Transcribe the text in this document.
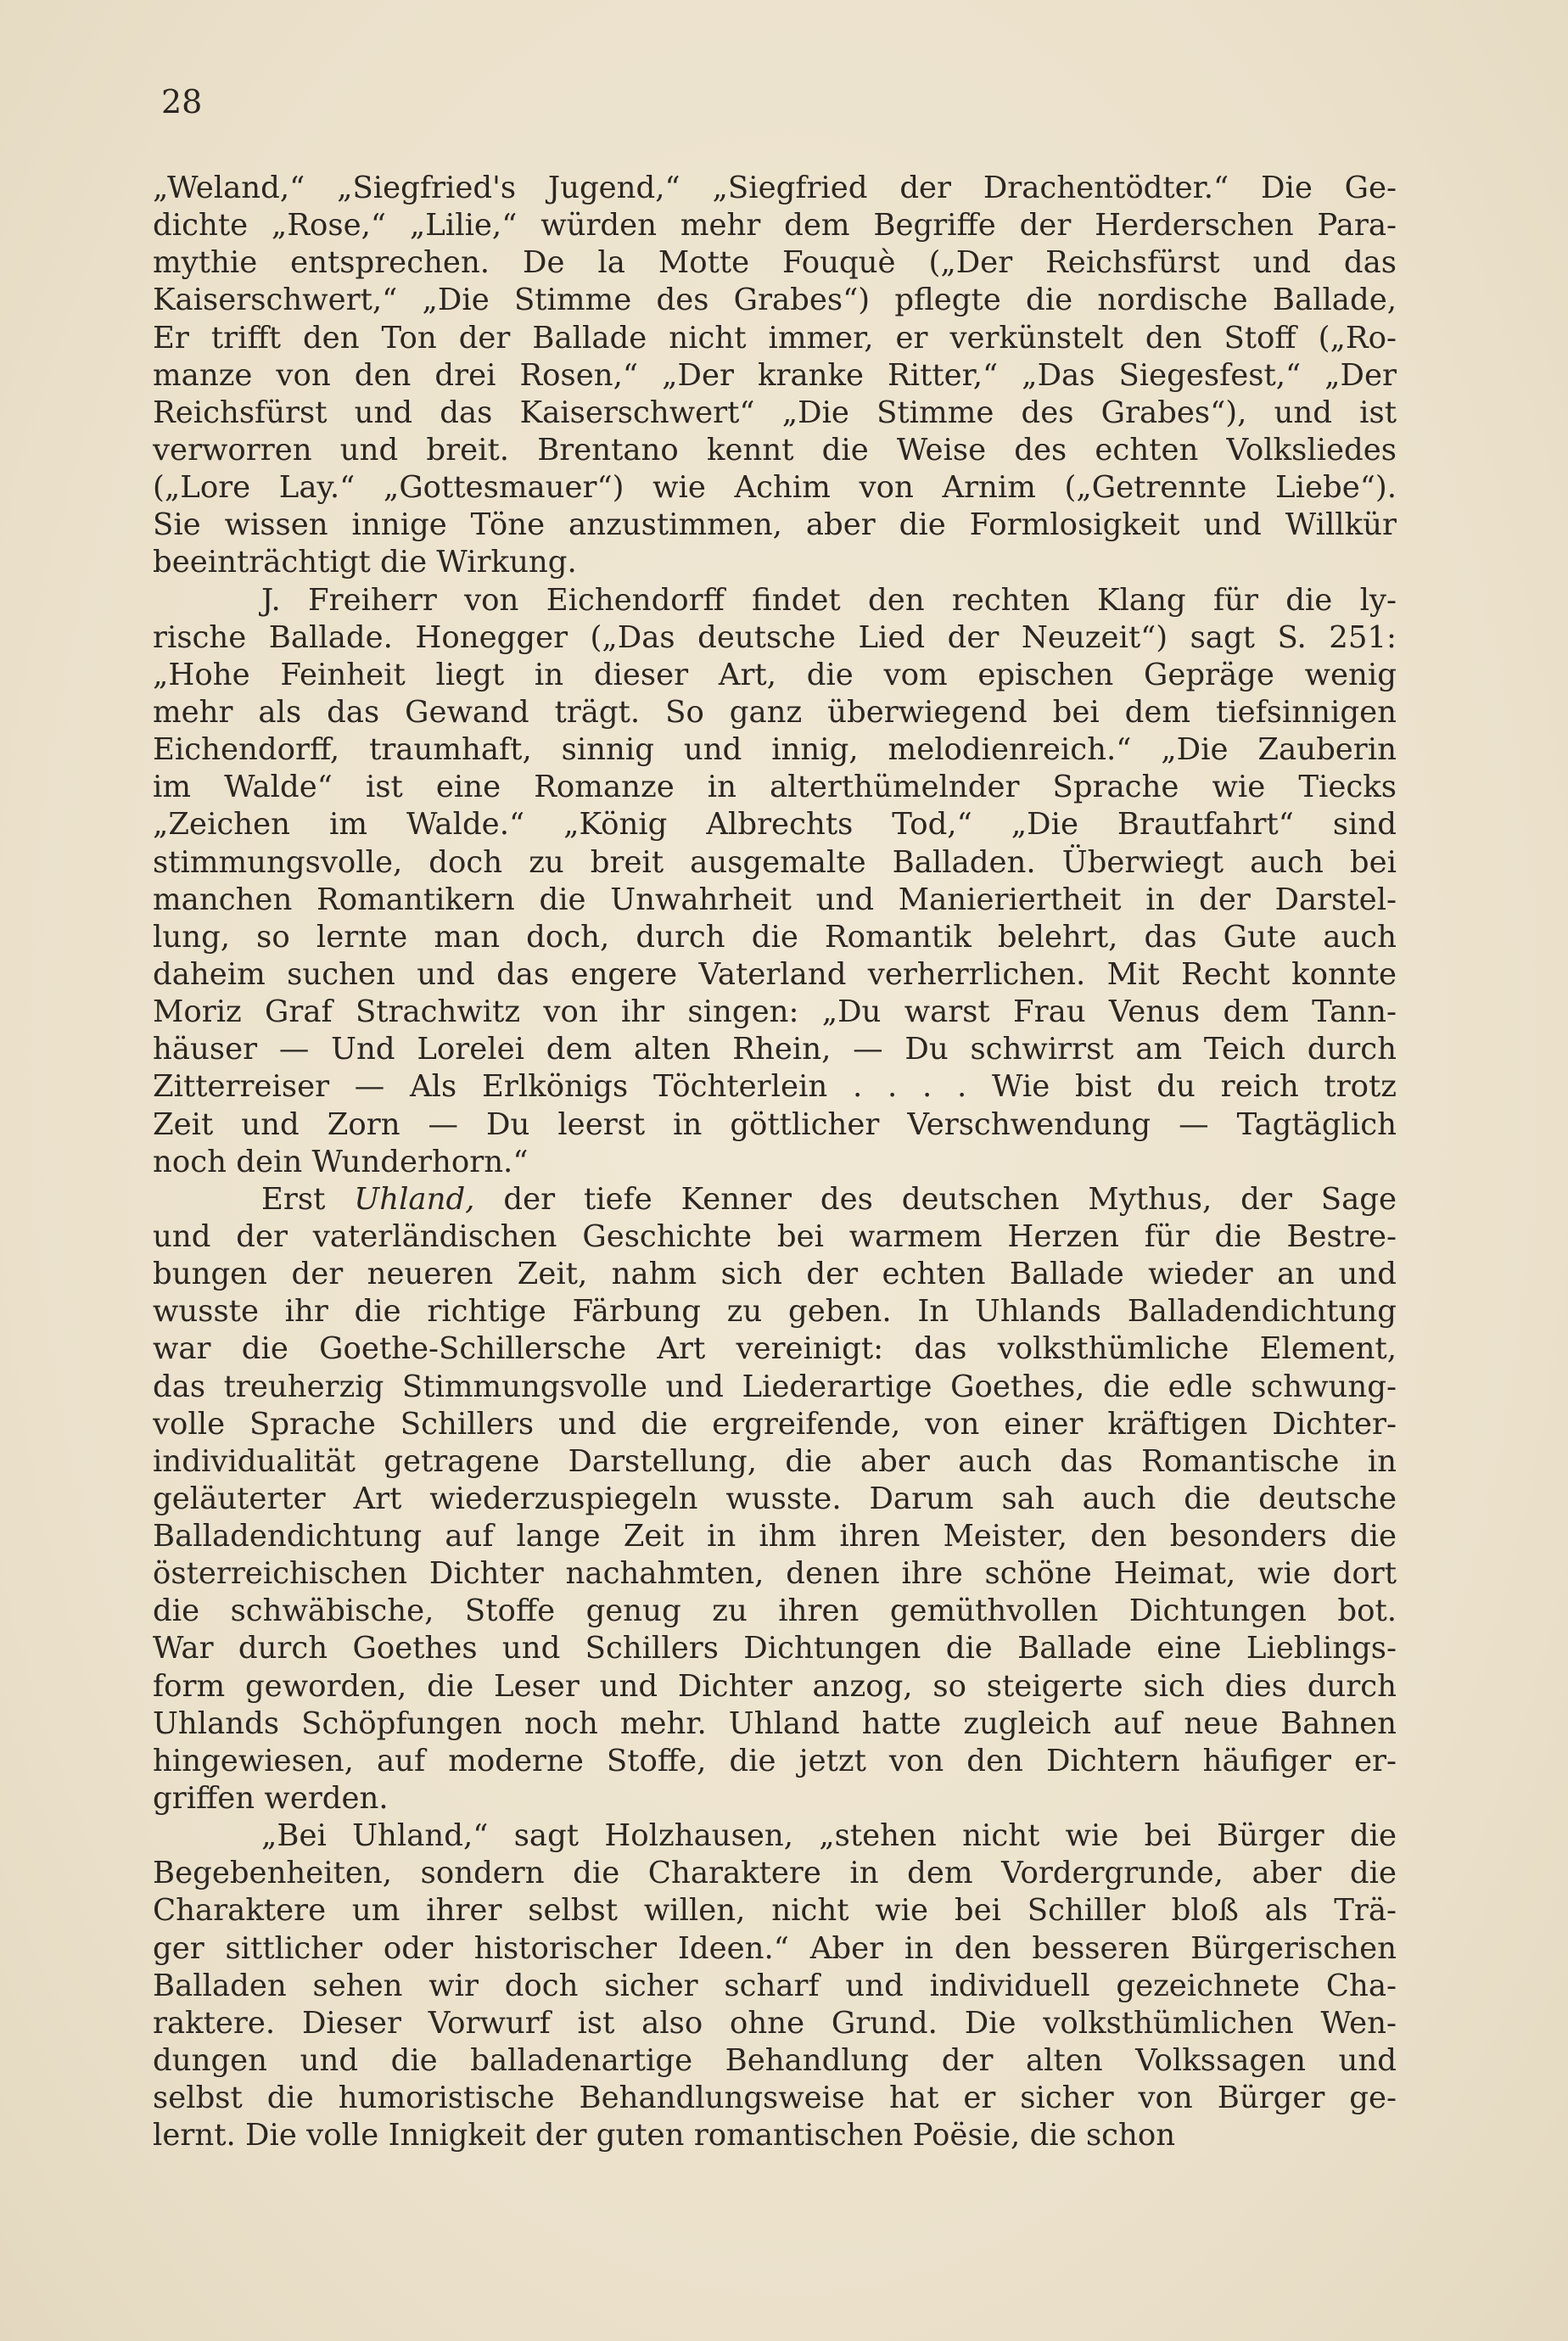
28
„Weland,“ „Siegfried's Jugend,“ „Siegfried der Drachentödter.“ Die Ge-
dichte „Rose,“ „Lilie,“ würden mehr dem Begriffe der Herderschen Para-
mythie entsprechen. De la Motte Fouquè („Der Reichsfürst und das
Kaiserschwert,“ „Die Stimme des Grabes“) pflegte die nordische Ballade,
Er trifft den Ton der Ballade nicht immer, er verkünstelt den Stoff („Ro-
manze von den drei Rosen,“ „Der kranke Ritter,“ „Das Siegesfest,“ „Der
Reichsfürst und das Kaiserschwert“ „Die Stimme des Grabes“), und ist
verworren und breit. Brentano kennt die Weise des echten Volksliedes
(„Lore Lay.“ „Gottesmauer“) wie Achim von Arnim („Getrennte Liebe“).
Sie wissen innige Töne anzustimmen, aber die Formlosigkeit und Willkür
beeinträchtigt die Wirkung.
J. Freiherr von Eichendorff findet den rechten Klang für die ly-
rische Ballade. Honegger („Das deutsche Lied der Neuzeit“) sagt S. 251:
„Hohe Feinheit liegt in dieser Art, die vom epischen Gepräge wenig
mehr als das Gewand trägt. So ganz überwiegend bei dem tiefsinnigen
Eichendorff, traumhaft, sinnig und innig, melodienreich.“ „Die Zauberin
im Walde“ ist eine Romanze in alterthümelnder Sprache wie Tiecks
„Zeichen im Walde.“ „König Albrechts Tod,“ „Die Brautfahrt“ sind
stimmungsvolle, doch zu breit ausgemalte Balladen. Überwiegt auch bei
manchen Romantikern die Unwahrheit und Manieriertheit in der Darstel-
lung, so lernte man doch, durch die Romantik belehrt, das Gute auch
daheim suchen und das engere Vaterland verherrlichen. Mit Recht konnte
Moriz Graf Strachwitz von ihr singen: „Du warst Frau Venus dem Tann-
häuser — Und Lorelei dem alten Rhein, — Du schwirrst am Teich durch
Zitterreiser — Als Erlkönigs Töchterlein . . . . Wie bist du reich trotz
Zeit und Zorn — Du leerst in göttlicher Verschwendung — Tagtäglich
noch dein Wunderhorn.“
Erst Uhland, der tiefe Kenner des deutschen Mythus, der Sage
und der vaterländischen Geschichte bei warmem Herzen für die Bestre-
bungen der neueren Zeit, nahm sich der echten Ballade wieder an und
wusste ihr die richtige Färbung zu geben. In Uhlands Balladendichtung
war die Goethe-Schillersche Art vereinigt: das volksthümliche Element,
das treuherzig Stimmungsvolle und Liederartige Goethes, die edle schwung-
volle Sprache Schillers und die ergreifende, von einer kräftigen Dichter-
individualität getragene Darstellung, die aber auch das Romantische in
geläuterter Art wiederzuspiegeln wusste. Darum sah auch die deutsche
Balladendichtung auf lange Zeit in ihm ihren Meister, den besonders die
österreichischen Dichter nachahmten, denen ihre schöne Heimat, wie dort
die schwäbische, Stoffe genug zu ihren gemüthvollen Dichtungen bot.
War durch Goethes und Schillers Dichtungen die Ballade eine Lieblings-
form geworden, die Leser und Dichter anzog, so steigerte sich dies durch
Uhlands Schöpfungen noch mehr. Uhland hatte zugleich auf neue Bahnen
hingewiesen, auf moderne Stoffe, die jetzt von den Dichtern häufiger er-
griffen werden.
„Bei Uhland,“ sagt Holzhausen, „stehen nicht wie bei Bürger die
Begebenheiten, sondern die Charaktere in dem Vordergrunde, aber die
Charaktere um ihrer selbst willen, nicht wie bei Schiller bloß als Trä-
ger sittlicher oder historischer Ideen.“ Aber in den besseren Bürgerischen
Balladen sehen wir doch sicher scharf und individuell gezeichnete Cha-
raktere. Dieser Vorwurf ist also ohne Grund. Die volksthümlichen Wen-
dungen und die balladenartige Behandlung der alten Volkssagen und
selbst die humoristische Behandlungsweise hat er sicher von Bürger ge-
lernt. Die volle Innigkeit der guten romantischen Poësie, die schon
